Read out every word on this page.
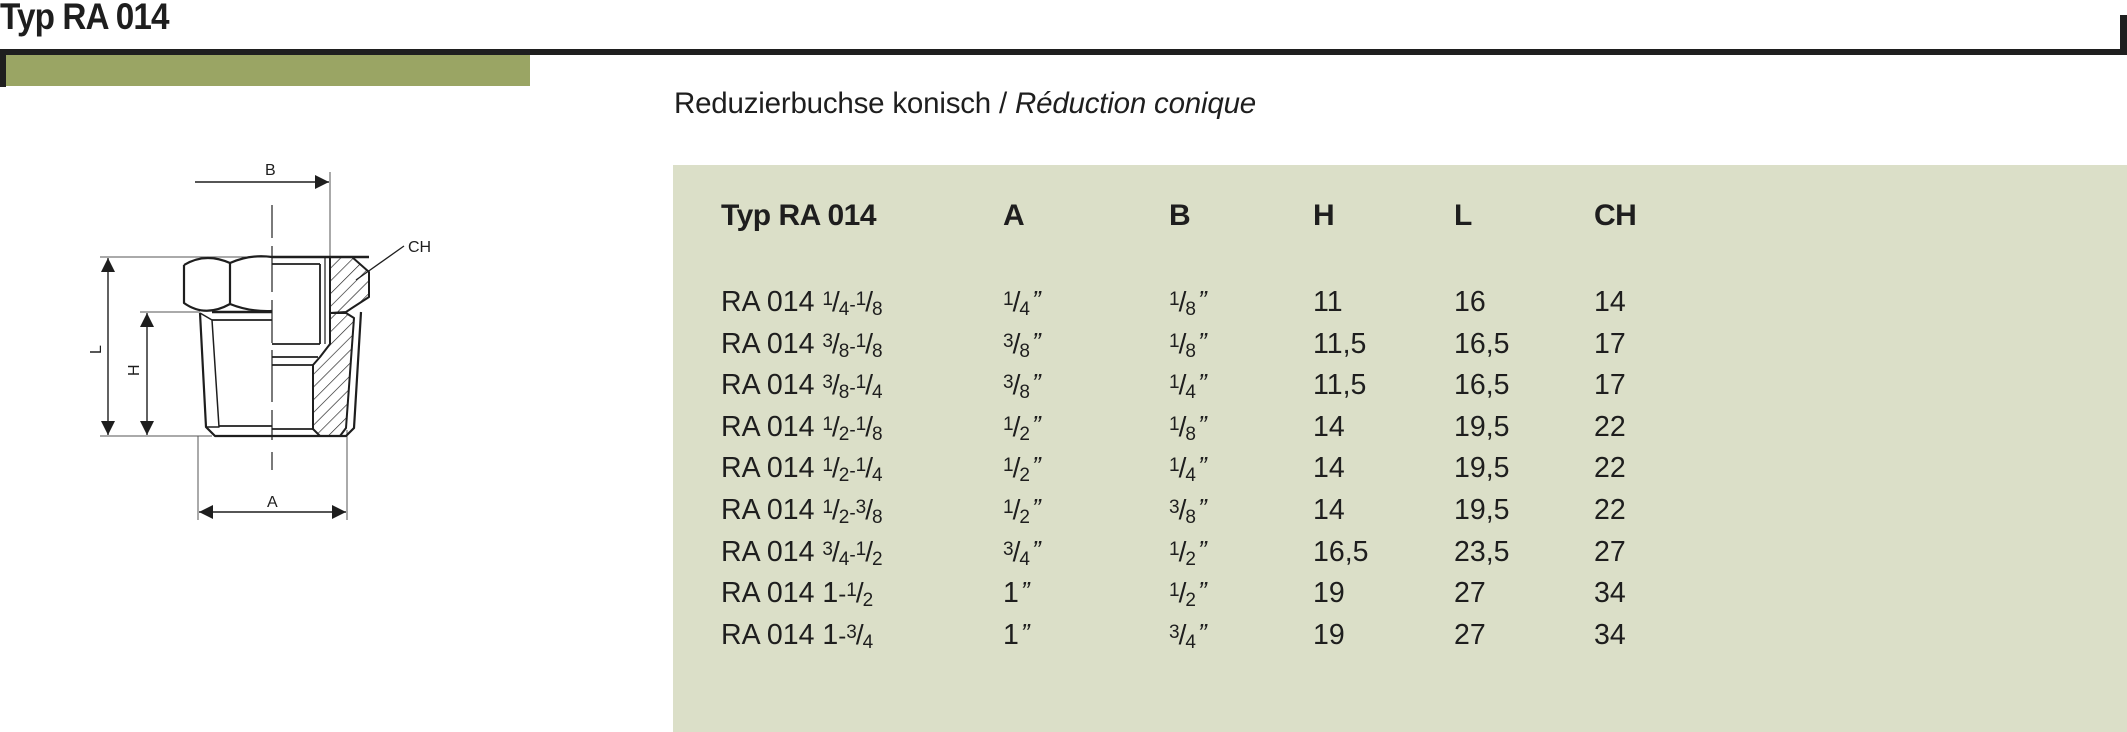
Typ RA 014
Reduzierbuchse konisch / Réduction conique
B
CH
A
L
H
Typ RA 014	A	B	H	L	CH
RA 014 1/4-1/8	1/4”	1/8”	11	16	14
RA 014 3/8-1/8	3/8”	1/8”	11,5	16,5	17
RA 014 3/8-1/4	3/8”	1/4”	11,5	16,5	17
RA 014 1/2-1/8	1/2”	1/8”	14	19,5	22
RA 014 1/2-1/4	1/2”	1/4”	14	19,5	22
RA 014 1/2-3/8	1/2”	3/8”	14	19,5	22
RA 014 3/4-1/2	3/4”	1/2”	16,5	23,5	27
RA 014 1-1/2	1”	1/2”	19	27	34
RA 014 1-3/4	1”	3/4”	19	27	34
